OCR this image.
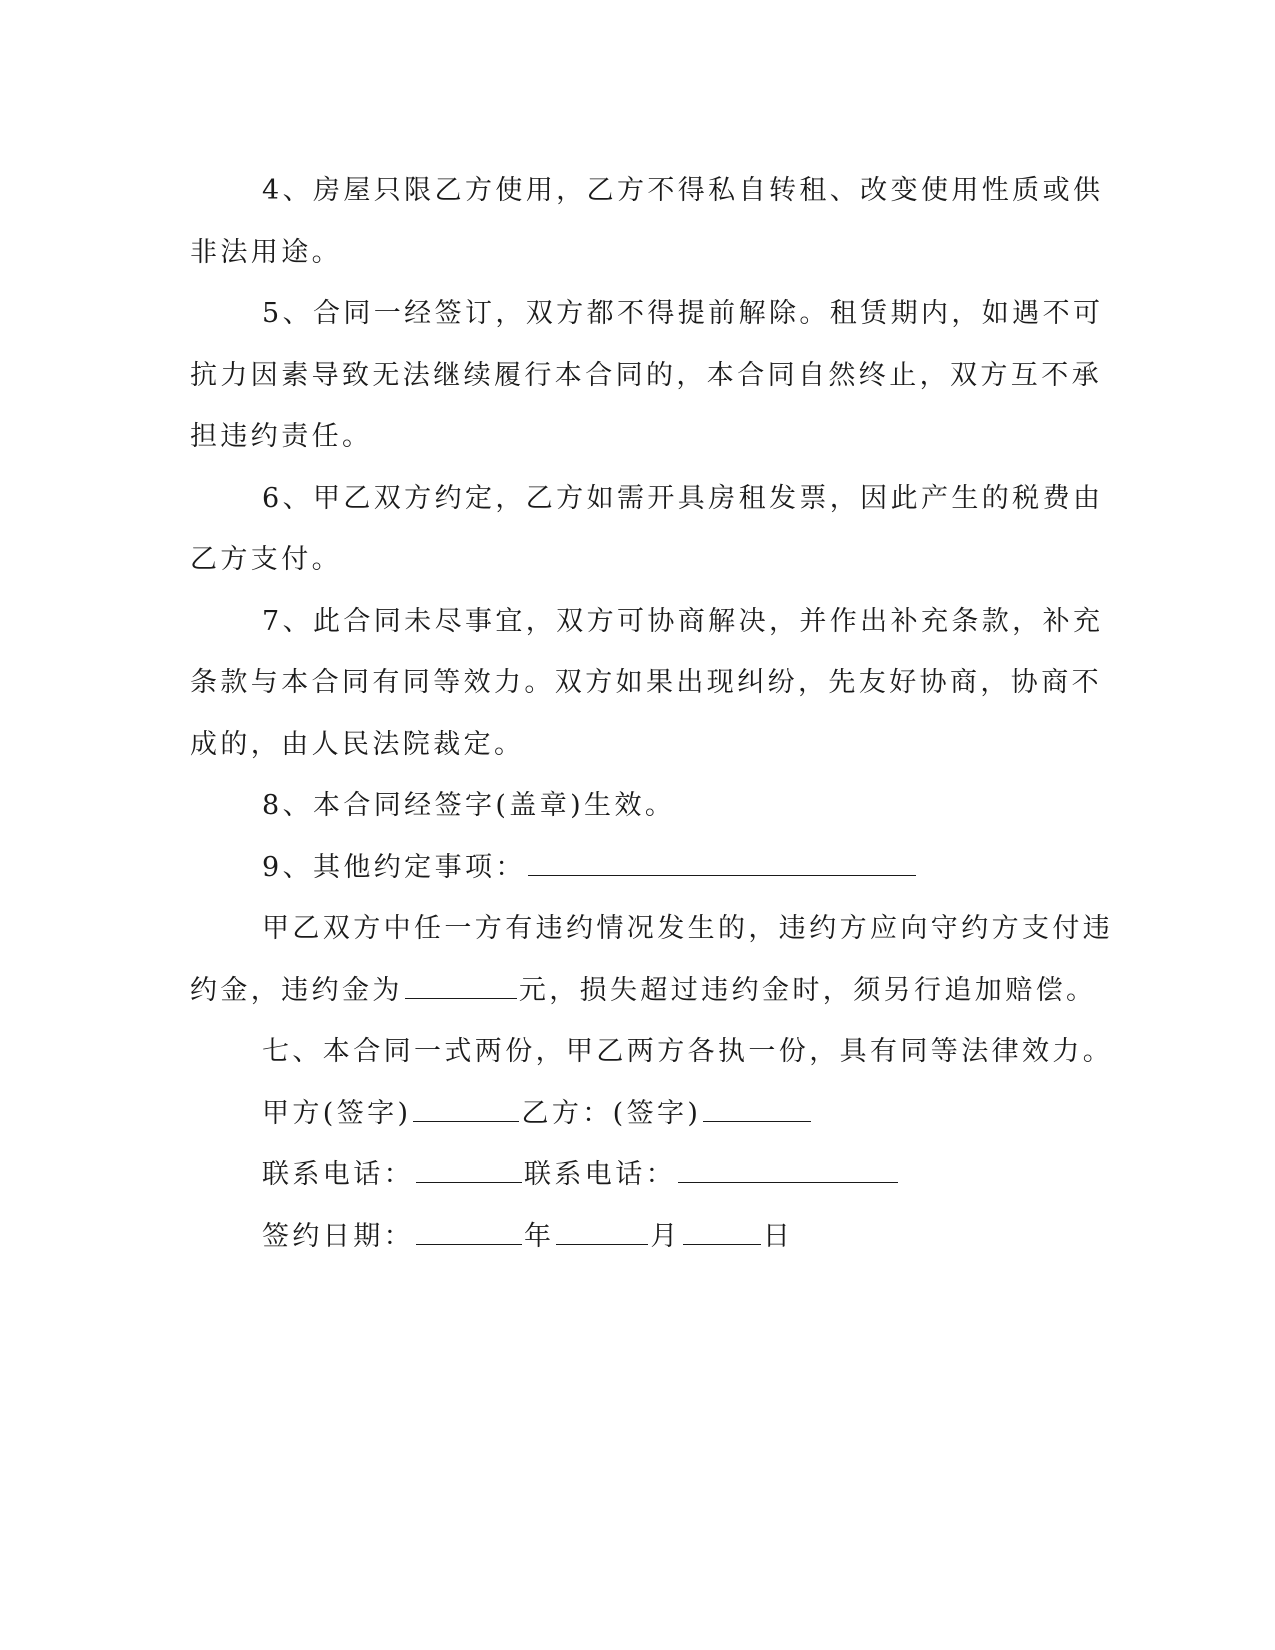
4、房屋只限乙方使用，乙方不得私自转租、改变使用性质或供
非法用途。
5、合同一经签订，双方都不得提前解除。租赁期内，如遇不可
抗力因素导致无法继续履行本合同的，本合同自然终止，双方互不承
担违约责任。
6、甲乙双方约定，乙方如需开具房租发票，因此产生的税费由
乙方支付。
7、此合同未尽事宜，双方可协商解决，并作出补充条款，补充
条款与本合同有同等效力。双方如果出现纠纷，先友好协商，协商不
成的，由人民法院裁定。
8、本合同经签字(盖章)生效。
9、其他约定事项：
甲乙双方中任一方有违约情况发生的，违约方应向守约方支付违
约金，违约金为	元，损失超过违约金时，须另行追加赔偿。
七、本合同一式两份，甲乙两方各执一份，具有同等法律效力。
甲方(签字)	乙方：(签字)
联系电话：	联系电话：
签约日期：	年	月	日
